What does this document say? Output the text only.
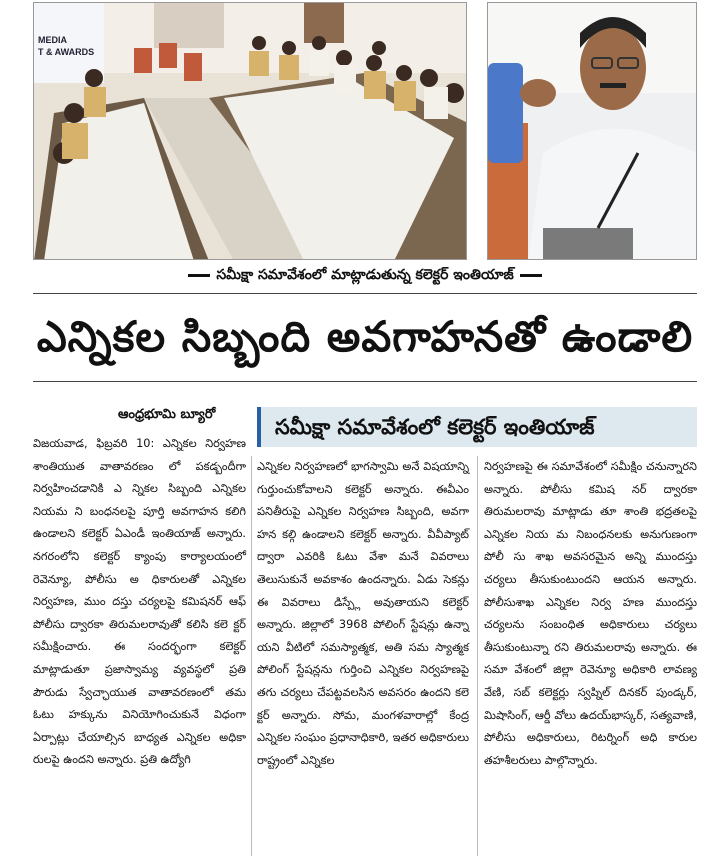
MEDIA
T & AWARDS
సమీక్షా సమావేశంలో మాట్లాడుతున్న కలెక్టర్ ఇంతియాజ్
ఎన్నికల సిబ్బంది అవగాహనతో ఉండాలి
ఆంధ్రభూమి బ్యూరో
సమీక్షా సమావేశంలో కలెక్టర్ ఇంతియాజ్

విజయవాడ, ఫిబ్రవరి 10: ఎన్నికల నిర్వహణ శాంతియుత వాతావరణం లో పకడ్బందీగా నిర్వహించడానికి ఎ న్నికల సిబ్బంది ఎన్నికల నియమ ని బంధనలపై పూర్తి అవగాహన కలిగి ఉండాలని కలెక్టర్ ఏఎండీ ఇంతియాజ్ అన్నారు. నగరంలోని కలెక్టర్ క్యాంపు కార్యాలయంలో రెవెన్యూ, పోలీసు అ ధికారులతో ఎన్నికల నిర్వహణ, ముం దస్తు చర్యలపై కమిషనర్ ఆఫ్ పోలీసు ద్వారకా తిరుమలరావుతో కలిసి కలె క్టర్ సమీక్షించారు. ఈ సందర్భంగా కలెక్టర్ మాట్లాడుతూ ప్రజాస్వామ్య వ్యవస్థలో ప్రతి పౌరుడు స్వేచ్ఛాయుత వాతావరణంలో తమ ఓటు హక్కును వినియోగించుకునే విధంగా ఏర్పాట్లు చేయాల్సిన బాధ్యత ఎన్నికల అధికా రులపై ఉందని అన్నారు. ప్రతి ఉద్యోగి

ఎన్నికల నిర్వహణలో భాగస్వామి అనే విషయాన్ని గుర్తుంచుకోవాలని కలెక్టర్ అన్నారు. ఈవీఎం పనితీరుపై ఎన్నికల నిర్వహణ సిబ్బంది, అవగా హన కల్గి ఉండాలని కలెక్టర్ అన్నారు. వీవీప్యాట్ ద్వారా ఎవరికి ఓటు వేశా మనే వివరాలు తెలుసుకునే అవకాశం ఉందన్నారు. ఏడు సెకన్లు ఈ వివరాలు డిస్ప్లే అవుతాయని కలెక్టర్ అన్నారు. జిల్లాలో 3968 పోలింగ్ స్టేషన్లు ఉన్నా యని వీటిలో సమస్యాత్మక, అతి సమ స్యాత్మక పోలింగ్ స్టేషన్లను గుర్తించి ఎన్నికల నిర్వహణపై తగు చర్యలు చేపట్టవలసిన అవసరం ఉందని కలె క్టర్ అన్నారు. సోమ, మంగళవారాల్లో కేంద్ర ఎన్నికల సంఘం ప్రధానాధికారి, ఇతర అధికారులు రాష్ట్రంలో ఎన్నికల

నిర్వహణపై ఈ సమావేశంలో సమీక్షిం చనున్నారని అన్నారు. పోలీసు కమిష నర్ ద్వారకా తిరుమలరావు మాట్లాడు తూ శాంతి భద్రతలపై ఎన్నికల నియ మ నిబంధనలకు అనుగుణంగా పోలీ సు శాఖ అవసరమైన అన్ని ముందస్తు చర్యలు తీసుకుంటుందని ఆయన అన్నారు. పోలీసుశాఖ ఎన్నికల నిర్వ హణ ముందస్తు చర్యలను సంబంధిత అధికారులు చర్యలు తీసుకుంటున్నా రని తిరుమలరావు అన్నారు. ఈ సమా వేశంలో జిల్లా రెవెన్యూ అధికారి లావణ్య వేణి, సబ్ కలెక్టర్లు స్వప్నిల్ దినకర్ పుండ్కర్, మిషాసింగ్, ఆర్డీ వోలు ఉదయ్‌భాస్కర్, సత్యవాణి, పోలీసు అధికారులు, రిటర్నింగ్ అధి కారుల తహశీలరులు పాల్గొన్నారు.
